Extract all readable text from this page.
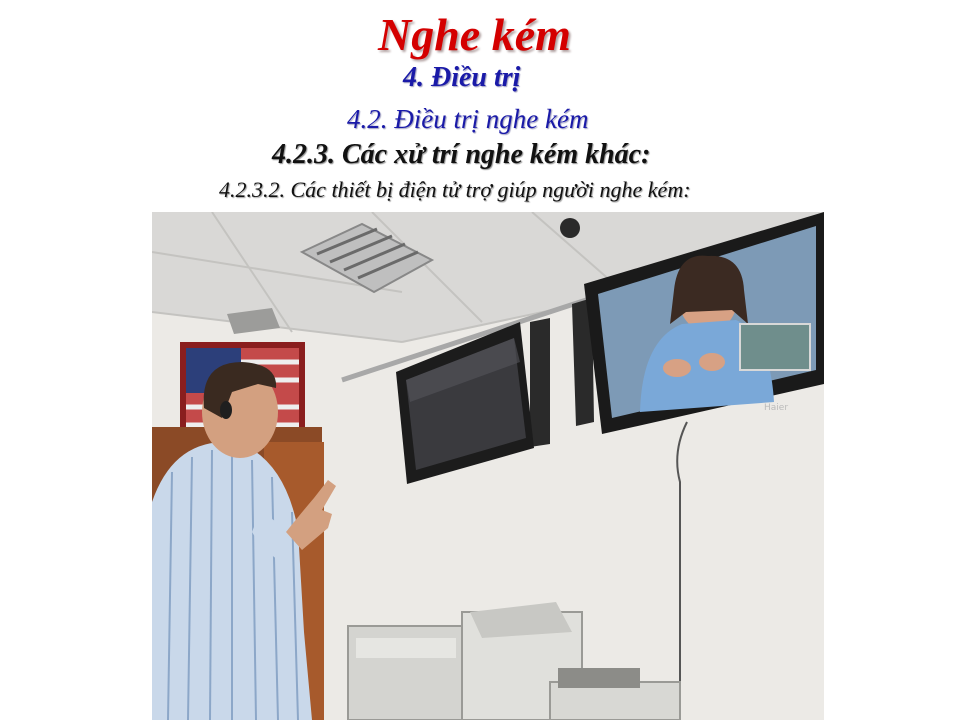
Nghe kém
4. Điều trị
4.2. Điều trị nghe kém
4.2.3. Các xử trí nghe kém khác:
4.2.3.2. Các thiết bị điện tử trợ giúp người nghe kém:
Haier
